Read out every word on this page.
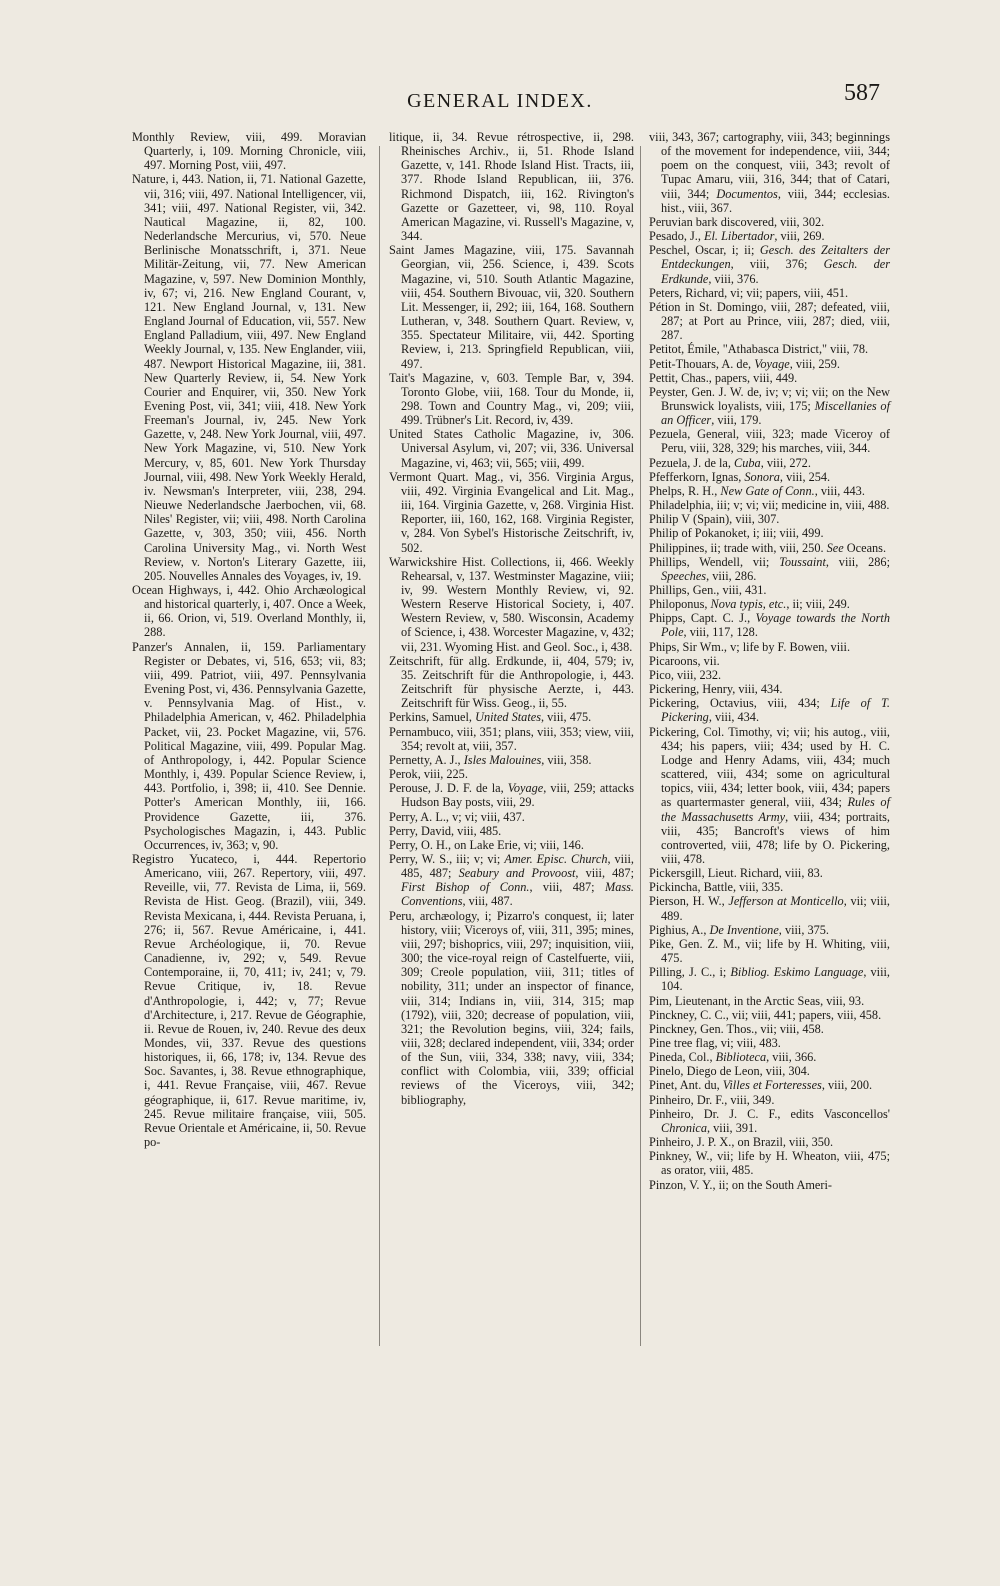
GENERAL INDEX.	587

Monthly Review, viii, 499. Moravian Quarterly, i, 109. Morning Chronicle, viii, 497. Morning Post, viii, 497.

Nature, i, 443. Nation, ii, 71. National Gazette, vii, 316; viii, 497. National Intelligencer, vii, 341; viii, 497. National Register, vii, 342. Nautical Magazine, ii, 82, 100. Nederlandsche Mercurius, vi, 570. Neue Berlinische Monatsschrift, i, 371. Neue Militär-Zeitung, vii, 77. New American Magazine, v, 597. New Dominion Monthly, iv, 67; vi, 216. New England Courant, v, 121. New England Journal, v, 131. New England Journal of Education, vii, 557. New England Palladium, viii, 497. New England Weekly Journal, v, 135. New Englander, viii, 487. Newport Historical Magazine, iii, 381. New Quarterly Review, ii, 54. New York Courier and Enquirer, vii, 350. New York Evening Post, vii, 341; viii, 418. New York Freeman's Journal, iv, 245. New York Gazette, v, 248. New York Journal, viii, 497. New York Magazine, vi, 510. New York Mercury, v, 85, 601. New York Thursday Journal, viii, 498. New York Weekly Herald, iv. Newsman's Interpreter, viii, 238, 294. Nieuwe Nederlandsche Jaerbochen, vii, 68. Niles' Register, vii; viii, 498. North Carolina Gazette, v, 303, 350; viii, 456. North Carolina University Mag., vi. North West Review, v. Norton's Literary Gazette, iii, 205. Nouvelles Annales des Voyages, iv, 19.

Ocean Highways, i, 442. Ohio Archæological and historical quarterly, i, 407. Once a Week, ii, 66. Orion, vi, 519. Overland Monthly, ii, 288.

Panzer's Annalen, ii, 159. Parliamentary Register or Debates, vi, 516, 653; vii, 83; viii, 499. Patriot, viii, 497. Pennsylvania Evening Post, vi, 436. Pennsylvania Gazette, v. Pennsylvania Mag. of Hist., v. Philadelphia American, v, 462. Philadelphia Packet, vii, 23. Pocket Magazine, vii, 576. Political Magazine, viii, 499. Popular Mag. of Anthropology, i, 442. Popular Science Monthly, i, 439. Popular Science Review, i, 443. Portfolio, i, 398; ii, 410. See Dennie. Potter's American Monthly, iii, 166. Providence Gazette, iii, 376. Psychologisches Magazin, i, 443. Public Occurrences, iv, 363; v, 90.

Registro Yucateco, i, 444. Repertorio Americano, viii, 267. Repertory, viii, 497. Reveille, vii, 77. Revista de Lima, ii, 569. Revista de Hist. Geog. (Brazil), viii, 349. Revista Mexicana, i, 444. Revista Peruana, i, 276; ii, 567. Revue Américaine, i, 441. Revue Archéologique, ii, 70. Revue Canadienne, iv, 292; v, 549. Revue Contemporaine, ii, 70, 411; iv, 241; v, 79. Revue Critique, iv, 18. Revue d'Anthropologie, i, 442; v, 77; Revue d'Architecture, i, 217. Revue de Géographie, ii. Revue de Rouen, iv, 240. Revue des deux Mondes, vii, 337. Revue des questions historiques, ii, 66, 178; iv, 134. Revue des Soc. Savantes, i, 38. Revue ethnographique, i, 441. Revue Française, viii, 467. Revue géographique, ii, 617. Revue maritime, iv, 245. Revue militaire française, viii, 505. Revue Orientale et Américaine, ii, 50. Revue po-

litique, ii, 34. Revue rétrospective, ii, 298. Rheinisches Archiv., ii, 51. Rhode Island Gazette, v, 141. Rhode Island Hist. Tracts, iii, 377. Rhode Island Republican, iii, 376. Richmond Dispatch, iii, 162. Rivington's Gazette or Gazetteer, vi, 98, 110. Royal American Magazine, vi. Russell's Magazine, v, 344.

Saint James Magazine, viii, 175. Savannah Georgian, vii, 256. Science, i, 439. Scots Magazine, vi, 510. South Atlantic Magazine, viii, 454. Southern Bivouac, vii, 320. Southern Lit. Messenger, ii, 292; iii, 164, 168. Southern Lutheran, v, 348. Southern Quart. Review, v, 355. Spectateur Militaire, vii, 442. Sporting Review, i, 213. Springfield Republican, viii, 497.

Tait's Magazine, v, 603. Temple Bar, v, 394. Toronto Globe, viii, 168. Tour du Monde, ii, 298. Town and Country Mag., vi, 209; viii, 499. Trübner's Lit. Record, iv, 439.

United States Catholic Magazine, iv, 306. Universal Asylum, vi, 207; vii, 336. Universal Magazine, vi, 463; vii, 565; viii, 499.

Vermont Quart. Mag., vi, 356. Virginia Argus, viii, 492. Virginia Evangelical and Lit. Mag., iii, 164. Virginia Gazette, v, 268. Virginia Hist. Reporter, iii, 160, 162, 168. Virginia Register, v, 284. Von Sybel's Historische Zeitschrift, iv, 502.

Warwickshire Hist. Collections, ii, 466. Weekly Rehearsal, v, 137. Westminster Magazine, viii; iv, 99. Western Monthly Review, vi, 92. Western Reserve Historical Society, i, 407. Western Review, v, 580. Wisconsin, Academy of Science, i, 438. Worcester Magazine, v, 432; vii, 231. Wyoming Hist. and Geol. Soc., i, 438.

Zeitschrift, für allg. Erdkunde, ii, 404, 579; iv, 35. Zeitschrift für die Anthropologie, i, 443. Zeitschrift für physische Aerzte, i, 443. Zeitschrift für Wiss. Geog., ii, 55.

Perkins, Samuel, United States, viii, 475.

Pernambuco, viii, 351; plans, viii, 353; view, viii, 354; revolt at, viii, 357.

Pernetty, A. J., Isles Malouines, viii, 358.

Perok, viii, 225.

Perouse, J. D. F. de la, Voyage, viii, 259; attacks Hudson Bay posts, viii, 29.

Perry, A. L., v; vi; viii, 437.

Perry, David, viii, 485.

Perry, O. H., on Lake Erie, vi; viii, 146.

Perry, W. S., iii; v; vi; Amer. Episc. Church, viii, 485, 487; Seabury and Provoost, viii, 487; First Bishop of Conn., viii, 487; Mass. Conventions, viii, 487.

Peru, archæology, i; Pizarro's conquest, ii; later history, viii; Viceroys of, viii, 311, 395; mines, viii, 297; bishoprics, viii, 297; inquisition, viii, 300; the vice-royal reign of Castelfuerte, viii, 309; Creole population, viii, 311; titles of nobility, 311; under an inspector of finance, viii, 314; Indians in, viii, 314, 315; map (1792), viii, 320; decrease of population, viii, 321; the Revolution begins, viii, 324; fails, viii, 328; declared independent, viii, 334; order of the Sun, viii, 334, 338; navy, viii, 334; conflict with Colombia, viii, 339; official reviews of the Viceroys, viii, 342; bibliography,

viii, 343, 367; cartography, viii, 343; beginnings of the movement for independence, viii, 344; poem on the conquest, viii, 343; revolt of Tupac Amaru, viii, 316, 344; that of Catari, viii, 344; Documentos, viii, 344; ecclesias. hist., viii, 367.

Peruvian bark discovered, viii, 302.

Pesado, J., El. Libertador, viii, 269.

Peschel, Oscar, i; ii; Gesch. des Zeitalters der Entdeckungen, viii, 376; Gesch. der Erdkunde, viii, 376.

Peters, Richard, vi; vii; papers, viii, 451.

Pétion in St. Domingo, viii, 287; defeated, viii, 287; at Port au Prince, viii, 287; died, viii, 287.

Petitot, Émile, "Athabasca District," viii, 78.

Petit-Thouars, A. de, Voyage, viii, 259.

Pettit, Chas., papers, viii, 449.

Peyster, Gen. J. W. de, iv; v; vi; vii; on the New Brunswick loyalists, viii, 175; Miscellanies of an Officer, viii, 179.

Pezuela, General, viii, 323; made Viceroy of Peru, viii, 328, 329; his marches, viii, 344.

Pezuela, J. de la, Cuba, viii, 272.

Pfefferkorn, Ignas, Sonora, viii, 254.

Phelps, R. H., New Gate of Conn., viii, 443.

Philadelphia, iii; v; vi; vii; medicine in, viii, 488.

Philip V (Spain), viii, 307.

Philip of Pokanoket, i; iii; viii, 499.

Philippines, ii; trade with, viii, 250. See Oceans.

Phillips, Wendell, vii; Toussaint, viii, 286; Speeches, viii, 286.

Phillips, Gen., viii, 431.

Philoponus, Nova typis, etc., ii; viii, 249.

Phipps, Capt. C. J., Voyage towards the North Pole, viii, 117, 128.

Phips, Sir Wm., v; life by F. Bowen, viii.

Picaroons, vii.

Pico, viii, 232.

Pickering, Henry, viii, 434.

Pickering, Octavius, viii, 434; Life of T. Pickering, viii, 434.

Pickering, Col. Timothy, vi; vii; his autog., viii, 434; his papers, viii; 434; used by H. C. Lodge and Henry Adams, viii, 434; much scattered, viii, 434; some on agricultural topics, viii, 434; letter book, viii, 434; papers as quartermaster general, viii, 434; Rules of the Massachusetts Army, viii, 434; portraits, viii, 435; Bancroft's views of him controverted, viii, 478; life by O. Pickering, viii, 478.

Pickersgill, Lieut. Richard, viii, 83.

Pickincha, Battle, viii, 335.

Pierson, H. W., Jefferson at Monticello, vii; viii, 489.

Pighius, A., De Inventione, viii, 375.

Pike, Gen. Z. M., vii; life by H. Whiting, viii, 475.

Pilling, J. C., i; Bibliog. Eskimo Language, viii, 104.

Pim, Lieutenant, in the Arctic Seas, viii, 93.

Pinckney, C. C., vii; viii, 441; papers, viii, 458.

Pinckney, Gen. Thos., vii; viii, 458.

Pine tree flag, vi; viii, 483.

Pineda, Col., Biblioteca, viii, 366.

Pinelo, Diego de Leon, viii, 304.

Pinet, Ant. du, Villes et Forteresses, viii, 200.

Pinheiro, Dr. F., viii, 349.

Pinheiro, Dr. J. C. F., edits Vasconcellos' Chronica, viii, 391.

Pinheiro, J. P. X., on Brazil, viii, 350.

Pinkney, W., vii; life by H. Wheaton, viii, 475; as orator, viii, 485.

Pinzon, V. Y., ii; on the South Ameri-
